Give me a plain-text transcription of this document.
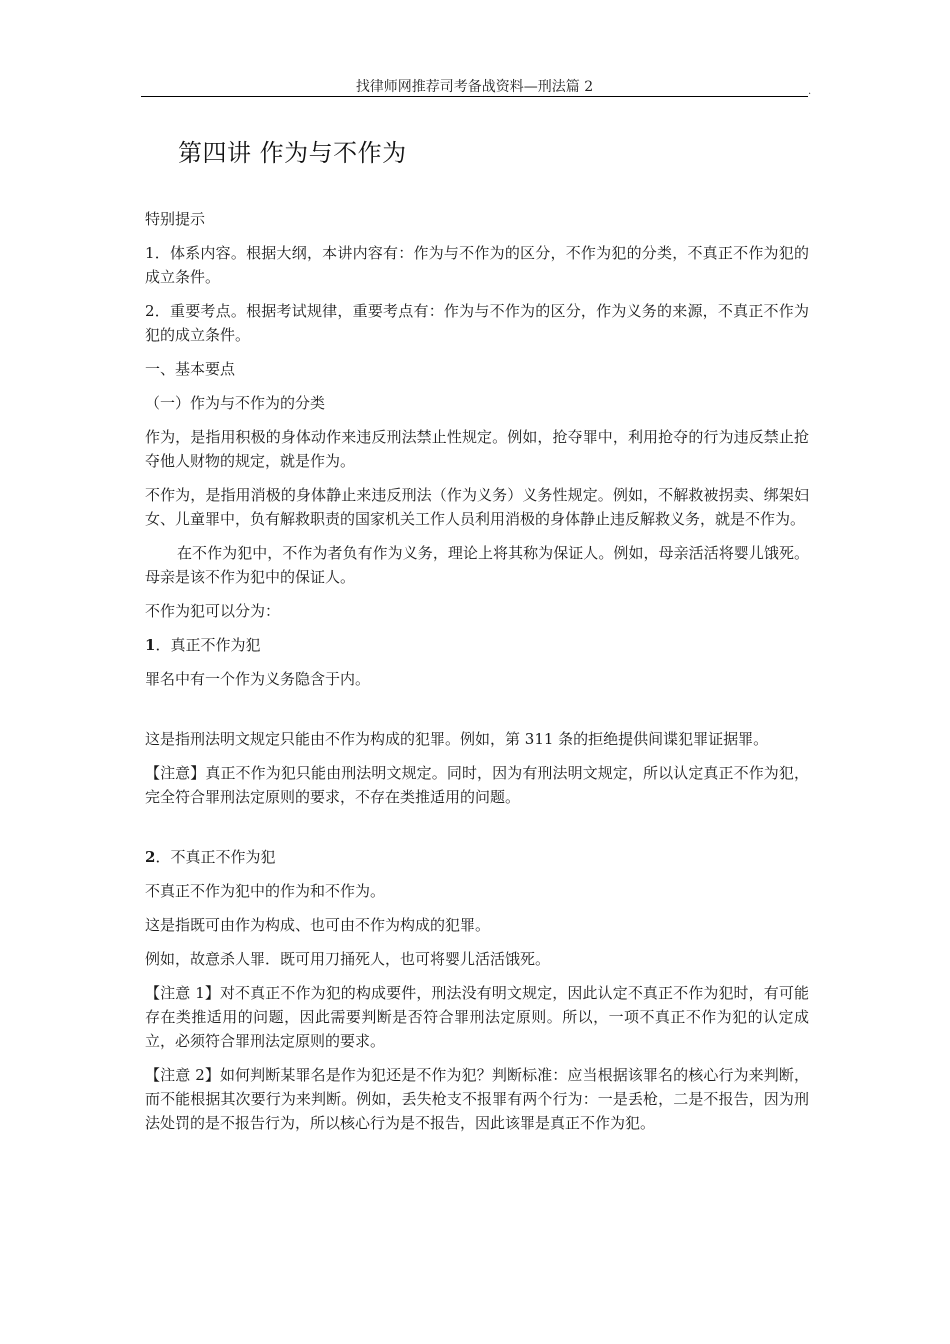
找律师网推荐司考备战资料—刑法篇 2	.
第四讲 作为与不作为

特别提示

1．体系内容。根据大纲，本讲内容有：作为与不作为的区分，不作为犯的分类，不真正不作为犯的成立条件。

2．重要考点。根据考试规律，重要考点有：作为与不作为的区分，作为义务的来源，不真正不作为犯的成立条件。

一、基本要点

（一）作为与不作为的分类

作为，是指用积极的身体动作来违反刑法禁止性规定。例如，抢夺罪中，利用抢夺的行为违反禁止抢夺他人财物的规定，就是作为。

不作为，是指用消极的身体静止来违反刑法（作为义务）义务性规定。例如，不解救被拐卖、绑架妇女、儿童罪中，负有解救职责的国家机关工作人员利用消极的身体静止违反解救义务，就是不作为。

在不作为犯中，不作为者负有作为义务，理论上将其称为保证人。例如，母亲活活将婴儿饿死。母亲是该不作为犯中的保证人。

不作为犯可以分为：

1．真正不作为犯

罪名中有一个作为义务隐含于内。

这是指刑法明文规定只能由不作为构成的犯罪。例如，第 311 条的拒绝提供间谍犯罪证据罪。

【注意】真正不作为犯只能由刑法明文规定。同时，因为有刑法明文规定，所以认定真正不作为犯，完全符合罪刑法定原则的要求，不存在类推适用的问题。

2．不真正不作为犯

不真正不作为犯中的作为和不作为。

这是指既可由作为构成、也可由不作为构成的犯罪。

例如，故意杀人罪．既可用刀捅死人，也可将婴儿活活饿死。

【注意 1】对不真正不作为犯的构成要件，刑法没有明文规定，因此认定不真正不作为犯时，有可能存在类推适用的问题，因此需要判断是否符合罪刑法定原则。所以，一项不真正不作为犯的认定成立，必须符合罪刑法定原则的要求。

【注意 2】如何判断某罪名是作为犯还是不作为犯？判断标准：应当根据该罪名的核心行为来判断，而不能根据其次要行为来判断。例如，丢失枪支不报罪有两个行为：一是丢枪，二是不报告，因为刑法处罚的是不报告行为，所以核心行为是不报告，因此该罪是真正不作为犯。
